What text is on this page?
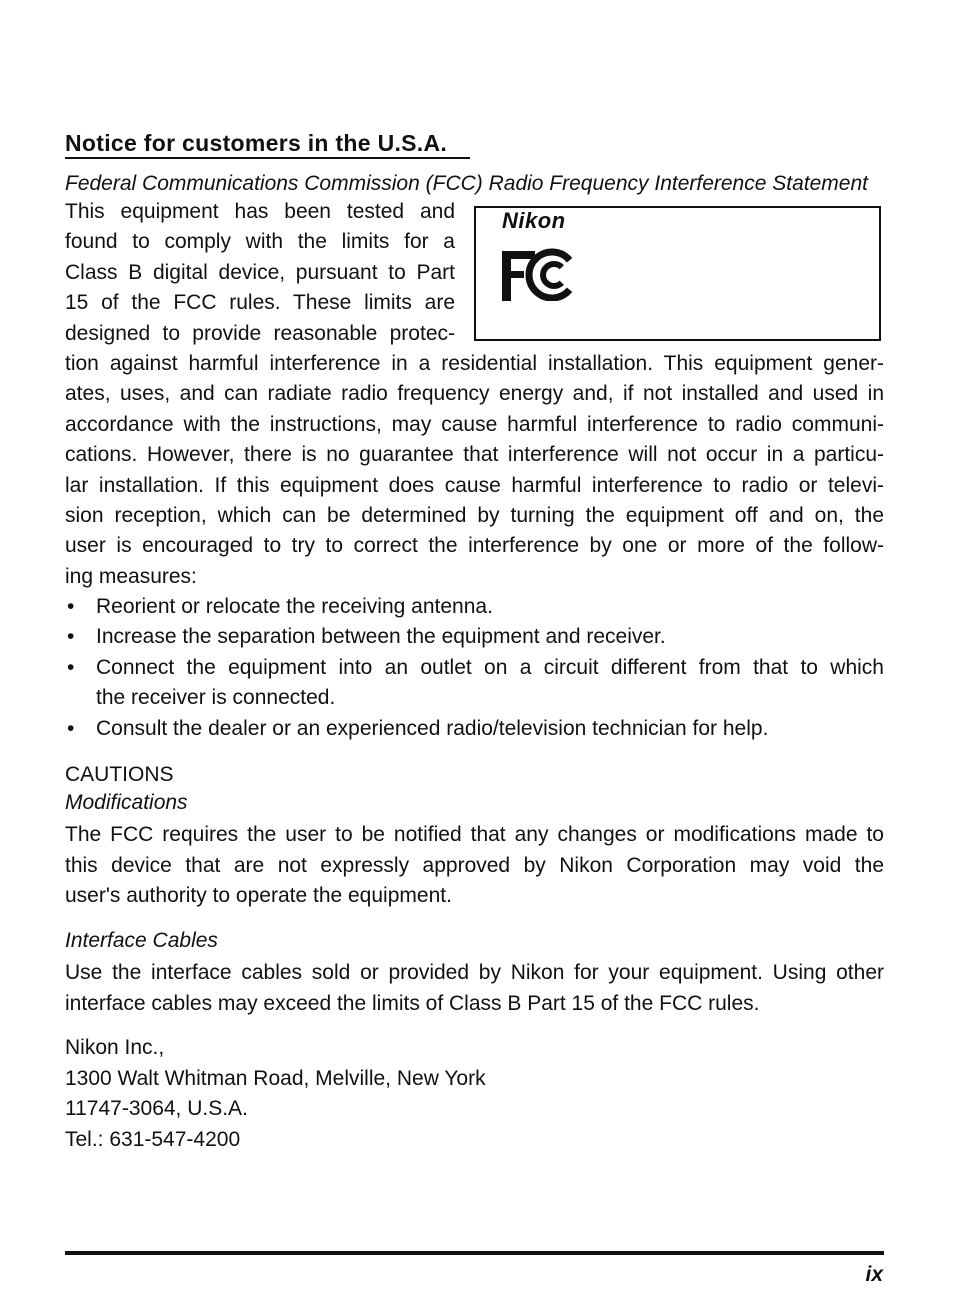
Notice for customers in the U.S.A.
Federal Communications Commission (FCC) Radio Frequency Interference Statement
Nikon
This equipment has been tested and
found to comply with the limits for a
Class B digital device, pursuant to Part
15 of the FCC rules. These limits are
designed to provide reasonable protec-
tion against harmful interference in a residential installation. This equipment gener-
ates, uses, and can radiate radio frequency energy and, if not installed and used in
accordance with the instructions, may cause harmful interference to radio communi-
cations. However, there is no guarantee that interference will not occur in a particu-
lar installation. If this equipment does cause harmful interference to radio or televi-
sion reception, which can be determined by turning the equipment off and on, the
user is encouraged to try to correct the interference by one or more of the follow-
ing measures:
•	Reorient or relocate the receiving antenna.
•	Increase the separation between the equipment and receiver.
•	Connect the equipment into an outlet on a circuit different from that to which
the receiver is connected.
•	Consult the dealer or an experienced radio/television technician for help.
CAUTIONS
Modifications
The FCC requires the user to be notified that any changes or modifications made to
this device that are not expressly approved by Nikon Corporation may void the
user's authority to operate the equipment.
Interface Cables
Use the interface cables sold or provided by Nikon for your equipment. Using other
interface cables may exceed the limits of Class B Part 15 of the FCC rules.
Nikon Inc.,
1300 Walt Whitman Road, Melville, New York
11747-3064, U.S.A.
Tel.: 631-547-4200
ix
